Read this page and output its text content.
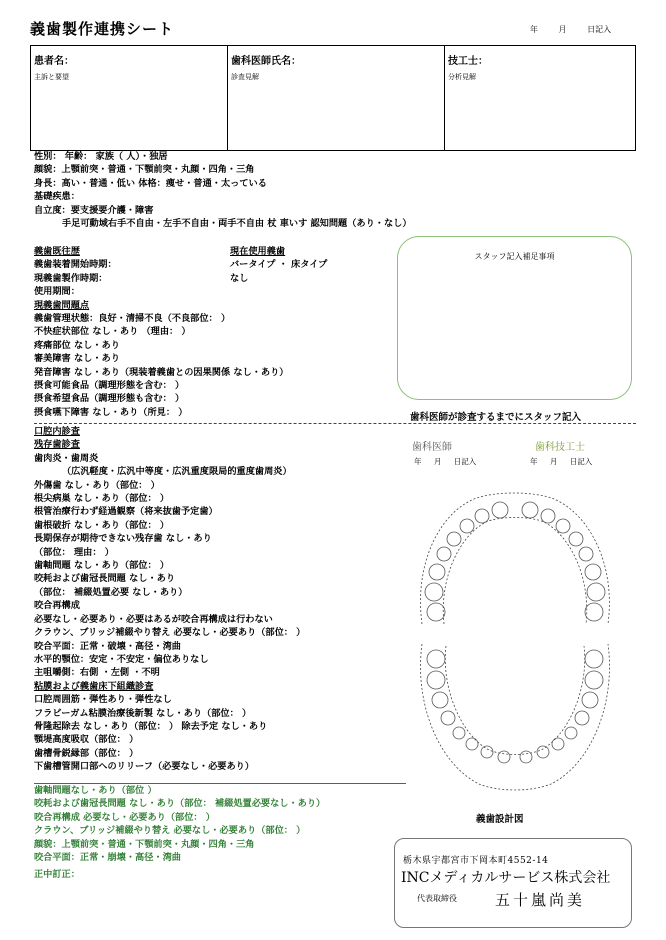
義歯製作連携シート	年 月 日記入
患者名：
主訴と要望
歯科医師氏名：
診査見解
技工士：
分析見解
性別： 年齢： 家族（ 人）・独居
顔貌：上顎前突・普通・下顎前突・丸顔・四角・三角
身長：高い・普通・低い 体格：痩せ・普通・太っている
基礎疾患：
自立度：要支援要介護・障害
手足可動域右手不自由・左手不自由・両手不自由 杖 車いす 認知問題（あり・なし）
義歯既往歴
義歯装着開始時期：
現義歯製作時期：
使用期間：
現義歯問題点
義歯管理状態：良好・清掃不良（不良部位： ）
不快症状部位 なし・あり （理由： ）
疼痛部位 なし・あり
審美障害 なし・あり
発音障害 なし・あり（現装着義歯との因果関係 なし・あり）
摂食可能食品（調理形態を含む： ）
摂食希望食品（調理形態も含む： ）
摂食嚥下障害 なし・あり（所見： ）
現在使用義歯
バータイプ ・ 床タイプ
なし
スタッフ記入補足事項
歯科医師が診査するまでにスタッフ記入
口腔内診査
残存歯診査
歯肉炎・歯周炎
（広汎軽度・広汎中等度・広汎重度限局的重度歯周炎）
外傷歯 なし・あり（部位： ）
根尖病巣 なし・あり（部位： ）
根管治療行わず経過観察（将来抜歯予定歯）
歯根破折 なし・あり（部位： ）
長期保存が期待できない残存歯 なし・あり
（部位： 理由： ）
歯軸問題 なし・あり（部位： ）
咬耗および歯冠長問題 なし・あり
（部位： 補綴処置必要 なし・あり）
咬合再構成
必要なし・必要あり・必要はあるが咬合再構成は行わない
クラウン、ブリッジ補綴やり替え 必要なし・必要あり（部位： ）
咬合平面：正常・破壊・高径・湾曲
水平的顎位：安定・不安定・偏位ありなし
主咀嚼側：右側 ・左側 ・不明
粘膜および義歯床下組織診査
口腔周囲筋・弾性あり・弾性なし
フラビーガム粘膜治療後新製 なし・あり（部位： ）
骨隆起除去 なし・あり（部位： ） 除去予定 なし・あり
顎堤高度吸収（部位： ）
歯槽骨鋭縁部（部位： ）
下歯槽管開口部へのリリーフ（必要なし・必要あり）
歯科医師	歯科技工士
年 月 日記入	年 月 日記入
義歯設計図
歯軸問題なし・あり（部位 ）
咬耗および歯冠長問題 なし・あり（部位： 補綴処置必要なし・あり）
咬合再構成 必要なし・必要あり（部位： ）
クラウン、ブリッジ補綴やり替え 必要なし・必要あり（部位： ）
顔貌：上顎前突・普通・下顎前突・丸顔・四角・三角
咬合平面：正常・崩壊・高径・湾曲
正中訂正：
栃木県宇都宮市下岡本町4552-14
INCメディカルサービス株式会社
代表取締役	五十嵐尚美
